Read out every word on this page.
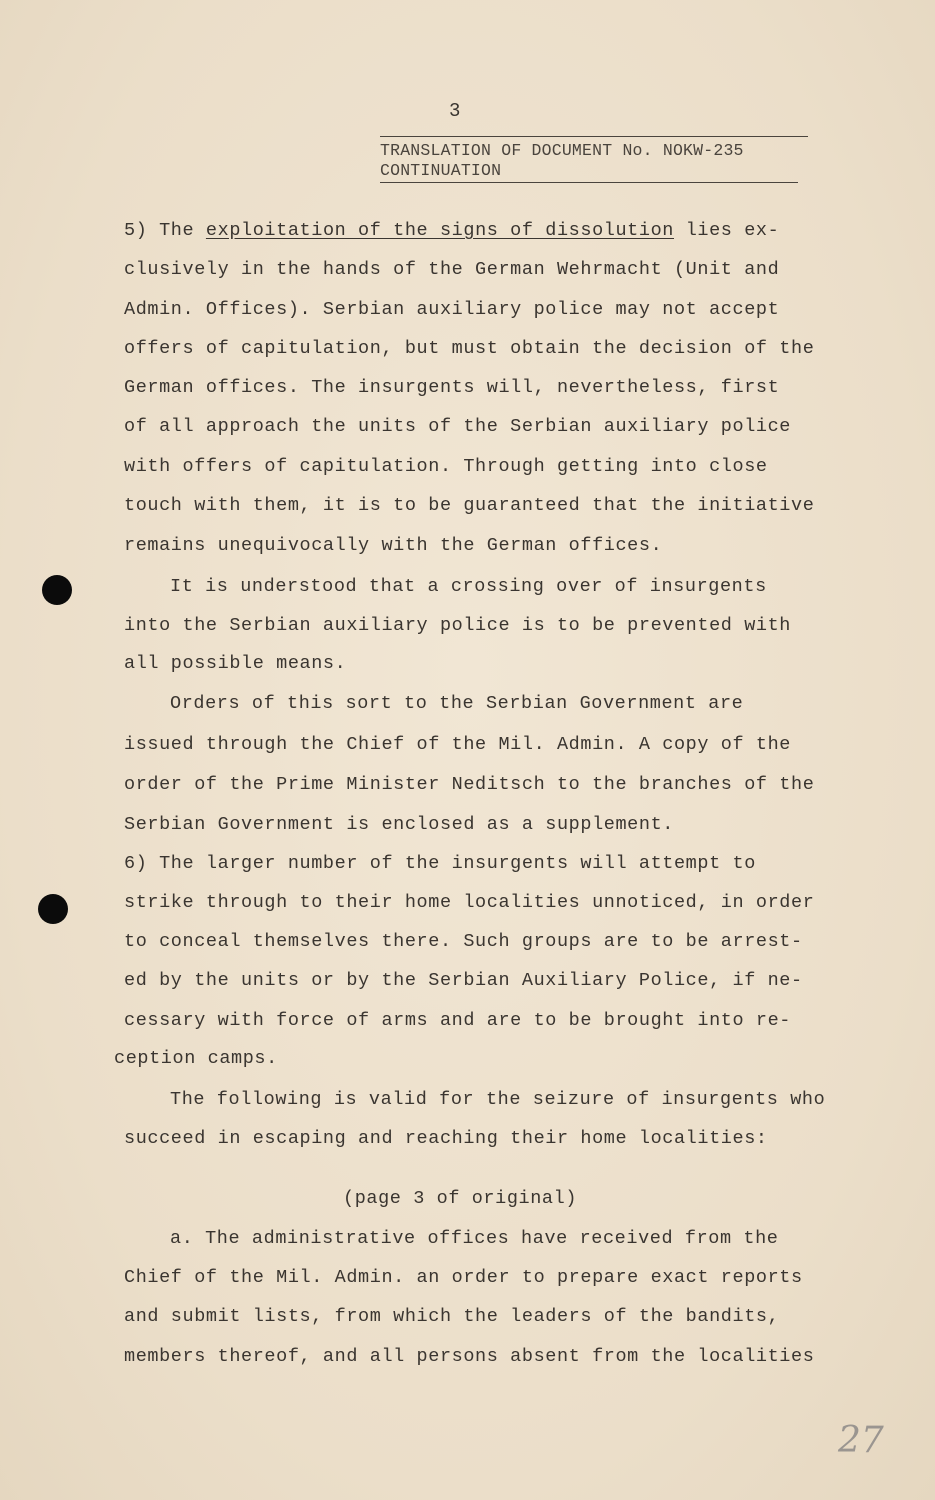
3
TRANSLATION OF DOCUMENT No. NOKW-235
CONTINUATION
5) The exploitation of the signs of dissolution lies ex-
clusively in the hands of the German Wehrmacht (Unit and
Admin. Offices). Serbian auxiliary police may not accept
offers of capitulation, but must obtain the decision of the
German offices. The insurgents will, nevertheless, first
of all approach the units of the Serbian auxiliary police
with offers of capitulation. Through getting into close
touch with them, it is to be guaranteed that the initiative
remains unequivocally with the German offices.
It is understood that a crossing over of insurgents
into the Serbian auxiliary police is to be prevented with
all possible means.
Orders of this sort to the Serbian Government are
issued through the Chief of the Mil. Admin. A copy of the
order of the Prime Minister Neditsch to the branches of the
Serbian Government is enclosed as a supplement.
6) The larger number of the insurgents will attempt to
strike through to their home localities unnoticed, in order
to conceal themselves there. Such groups are to be arrest-
ed by the units or by the Serbian Auxiliary Police, if ne-
cessary with force of arms and are to be brought into re-
ception camps.
The following is valid for the seizure of insurgents who
succeed in escaping and reaching their home localities:
(page 3 of original)
a. The administrative offices have received from the
Chief of the Mil. Admin. an order to prepare exact reports
and submit lists, from which the leaders of the bandits,
members thereof, and all persons absent from the localities
27
